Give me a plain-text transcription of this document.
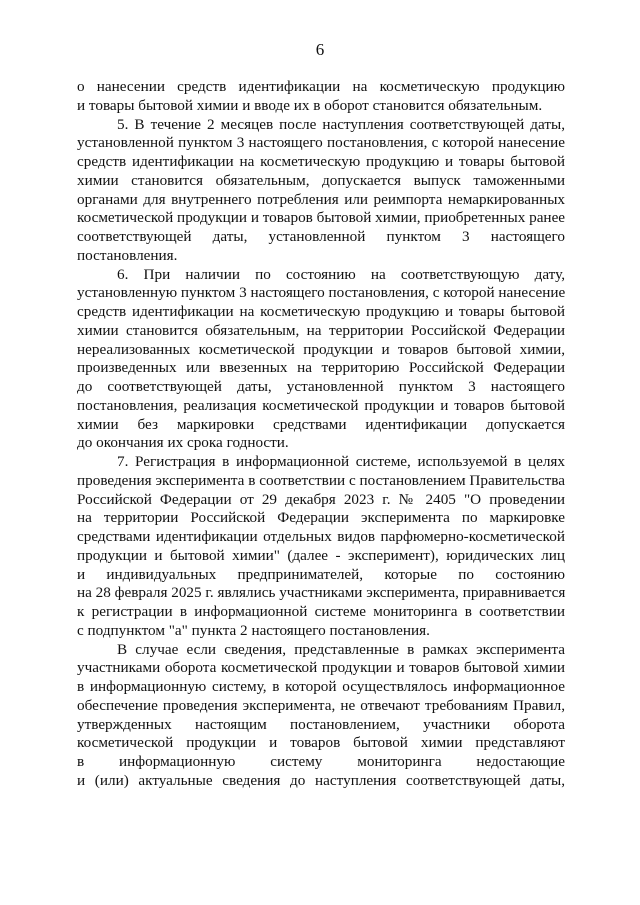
6
о нанесении средств идентификации на косметическую продукцию
и товары бытовой химии и вводе их в оборот становится обязательным.
5. В течение 2 месяцев после наступления соответствующей даты,
установленной пунктом 3 настоящего постановления, с которой нанесение
средств идентификации на косметическую продукцию и товары бытовой
химии становится обязательным, допускается выпуск таможенными
органами для внутреннего потребления или реимпорта немаркированных
косметической продукции и товаров бытовой химии, приобретенных ранее
соответствующей даты, установленной пунктом 3 настоящего
постановления.
6. При наличии по состоянию на соответствующую дату,
установленную пунктом 3 настоящего постановления, с которой нанесение
средств идентификации на косметическую продукцию и товары бытовой
химии становится обязательным, на территории Российской Федерации
нереализованных косметической продукции и товаров бытовой химии,
произведенных или ввезенных на территорию Российской Федерации
до соответствующей даты, установленной пунктом 3 настоящего
постановления, реализация косметической продукции и товаров бытовой
химии без маркировки средствами идентификации допускается
до окончания их срока годности.
7. Регистрация в информационной системе, используемой в целях
проведения эксперимента в соответствии с постановлением Правительства
Российской Федерации от 29 декабря 2023 г. № 2405 "О проведении
на территории Российской Федерации эксперимента по маркировке
средствами идентификации отдельных видов парфюмерно-косметической
продукции и бытовой химии" (далее - эксперимент), юридических лиц
и индивидуальных предпринимателей, которые по состоянию
на 28 февраля 2025 г. являлись участниками эксперимента, приравнивается
к регистрации в информационной системе мониторинга в соответствии
с подпунктом "а" пункта 2 настоящего постановления.
В случае если сведения, представленные в рамках эксперимента
участниками оборота косметической продукции и товаров бытовой химии
в информационную систему, в которой осуществлялось информационное
обеспечение проведения эксперимента, не отвечают требованиям Правил,
утвержденных настоящим постановлением, участники оборота
косметической продукции и товаров бытовой химии представляют
в информационную систему мониторинга недостающие
и (или) актуальные сведения до наступления соответствующей даты,
